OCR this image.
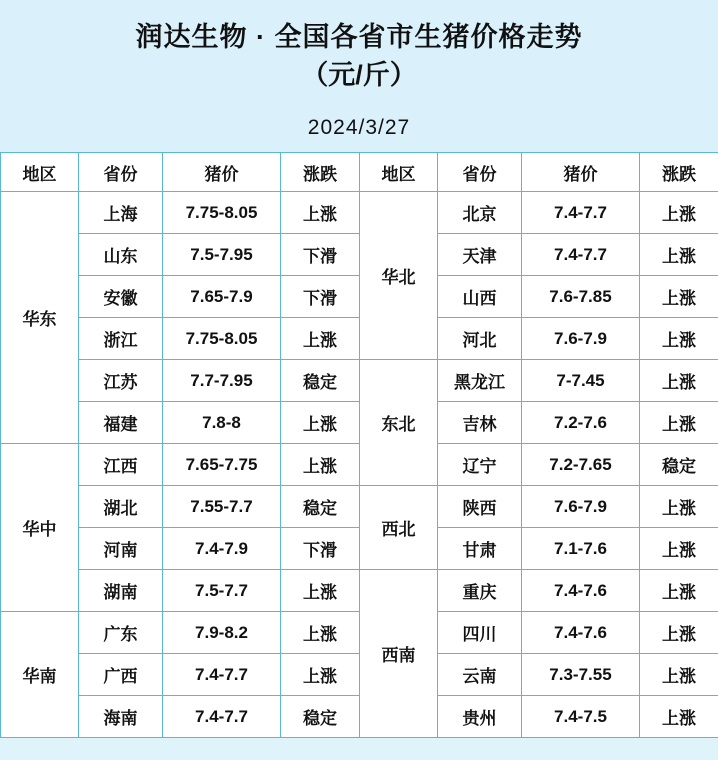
润达生物 · 全国各省市生猪价格走势
（元/斤）
2024/3/27
地区	省份	猪价	涨跌	地区	省份	猪价	涨跌
华东	上海	7.75-8.05	上涨	华北	北京	7.4-7.7	上涨
	山东	7.5-7.95	下滑		天津	7.4-7.7	上涨
	安徽	7.65-7.9	下滑		山西	7.6-7.85	上涨
	浙江	7.75-8.05	上涨		河北	7.6-7.9	上涨
	江苏	7.7-7.95	稳定	东北	黑龙江	7-7.45	上涨
	福建	7.8-8	上涨		吉林	7.2-7.6	上涨
华中	江西	7.65-7.75	上涨		辽宁	7.2-7.65	稳定
	湖北	7.55-7.7	稳定	西北	陕西	7.6-7.9	上涨
	河南	7.4-7.9	下滑		甘肃	7.1-7.6	上涨
	湖南	7.5-7.7	上涨	西南	重庆	7.4-7.6	上涨
华南	广东	7.9-8.2	上涨		四川	7.4-7.6	上涨
	广西	7.4-7.7	上涨		云南	7.3-7.55	上涨
	海南	7.4-7.7	稳定		贵州	7.4-7.5	上涨
